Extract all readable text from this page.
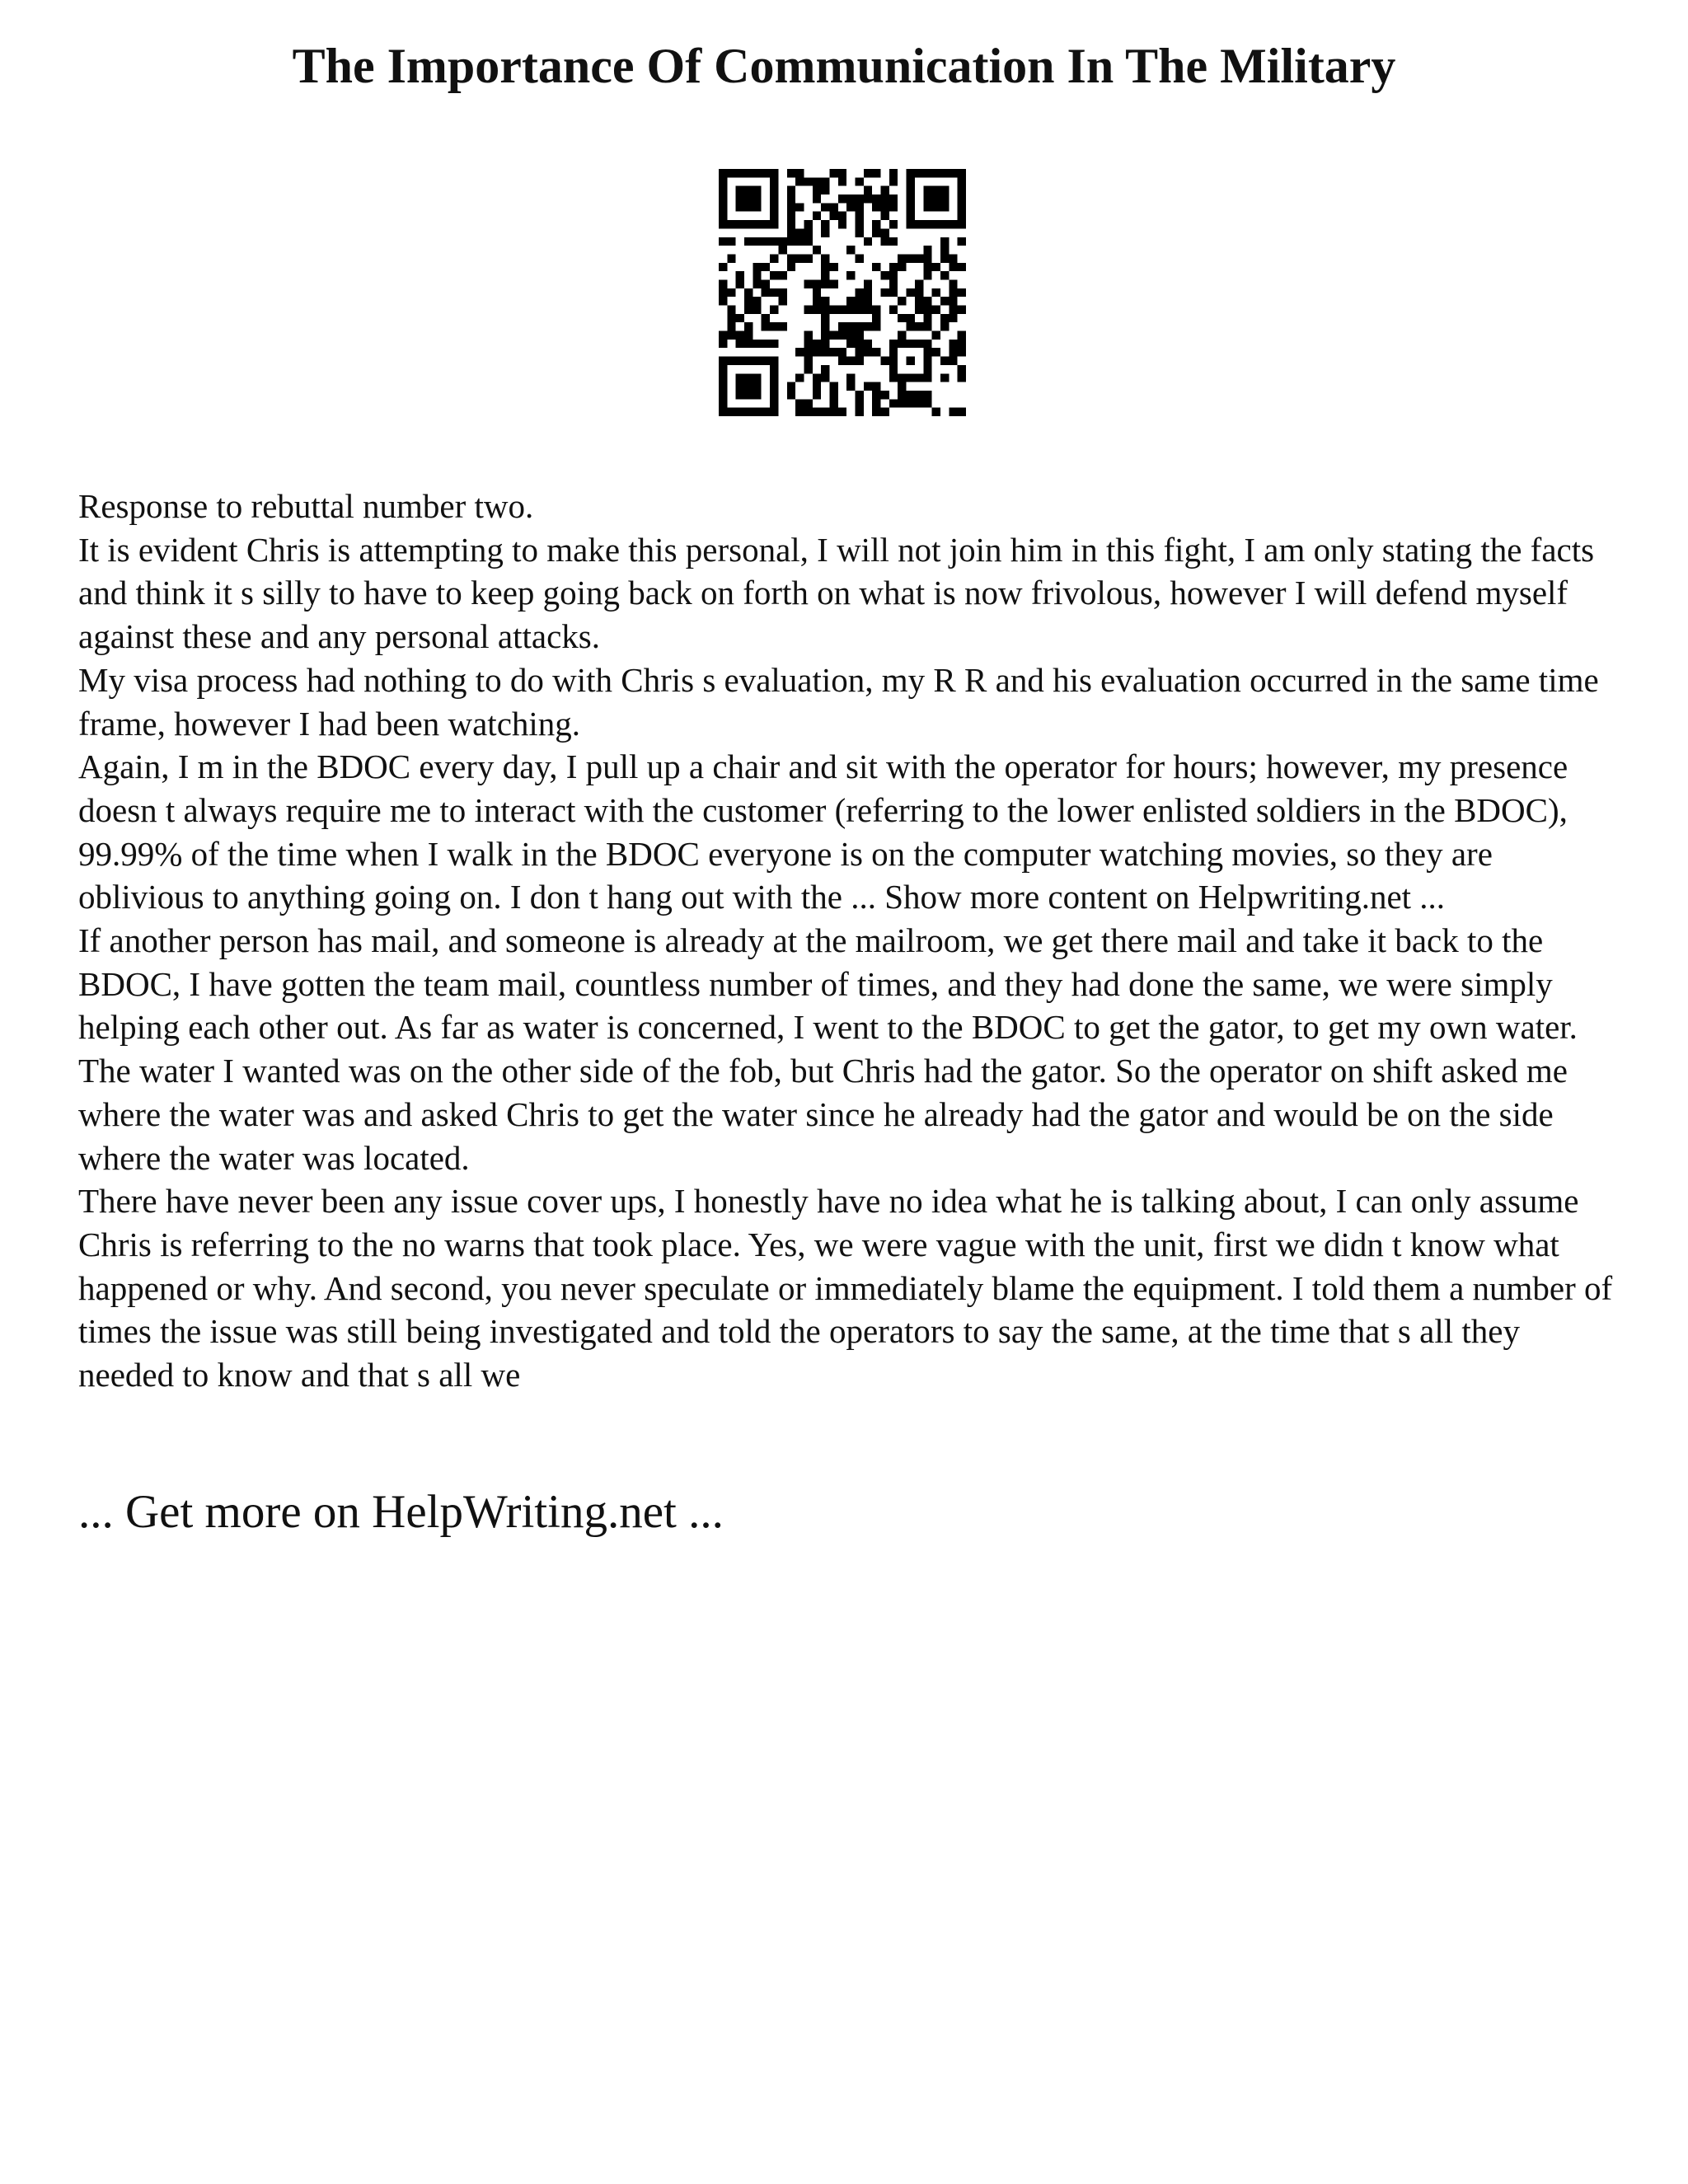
The Importance Of Communication In The Military

Response to rebuttal number two.

It is evident Chris is attempting to make this personal, I will not join him in this fight, I am only stating the facts and think it s silly to have to keep going back on forth on what is now frivolous, however I will defend myself against these and any personal attacks.

My visa process had nothing to do with Chris s evaluation, my R R and his evaluation occurred in the same time frame, however I had been watching.

Again, I m in the BDOC every day, I pull up a chair and sit with the operator for hours; however, my presence doesn t always require me to interact with the customer (referring to the lower enlisted soldiers in the BDOC), 99.99% of the time when I walk in the BDOC everyone is on the computer watching movies, so they are oblivious to anything going on. I don t hang out with the ... Show more content on Helpwriting.net ...

If another person has mail, and someone is already at the mailroom, we get there mail and take it back to the BDOC, I have gotten the team mail, countless number of times, and they had done the same, we were simply helping each other out. As far as water is concerned, I went to the BDOC to get the gator, to get my own water. The water I wanted was on the other side of the fob, but Chris had the gator. So the operator on shift asked me where the water was and asked Chris to get the water since he already had the gator and would be on the side where the water was located.

There have never been any issue cover ups, I honestly have no idea what he is talking about, I can only assume Chris is referring to the no warns that took place. Yes, we were vague with the unit, first we didn t know what happened or why. And second, you never speculate or immediately blame the equipment. I told them a number of times the issue was still being investigated and told the operators to say the same, at the time that s all they needed to know and that s all we

... Get more on HelpWriting.net ...
